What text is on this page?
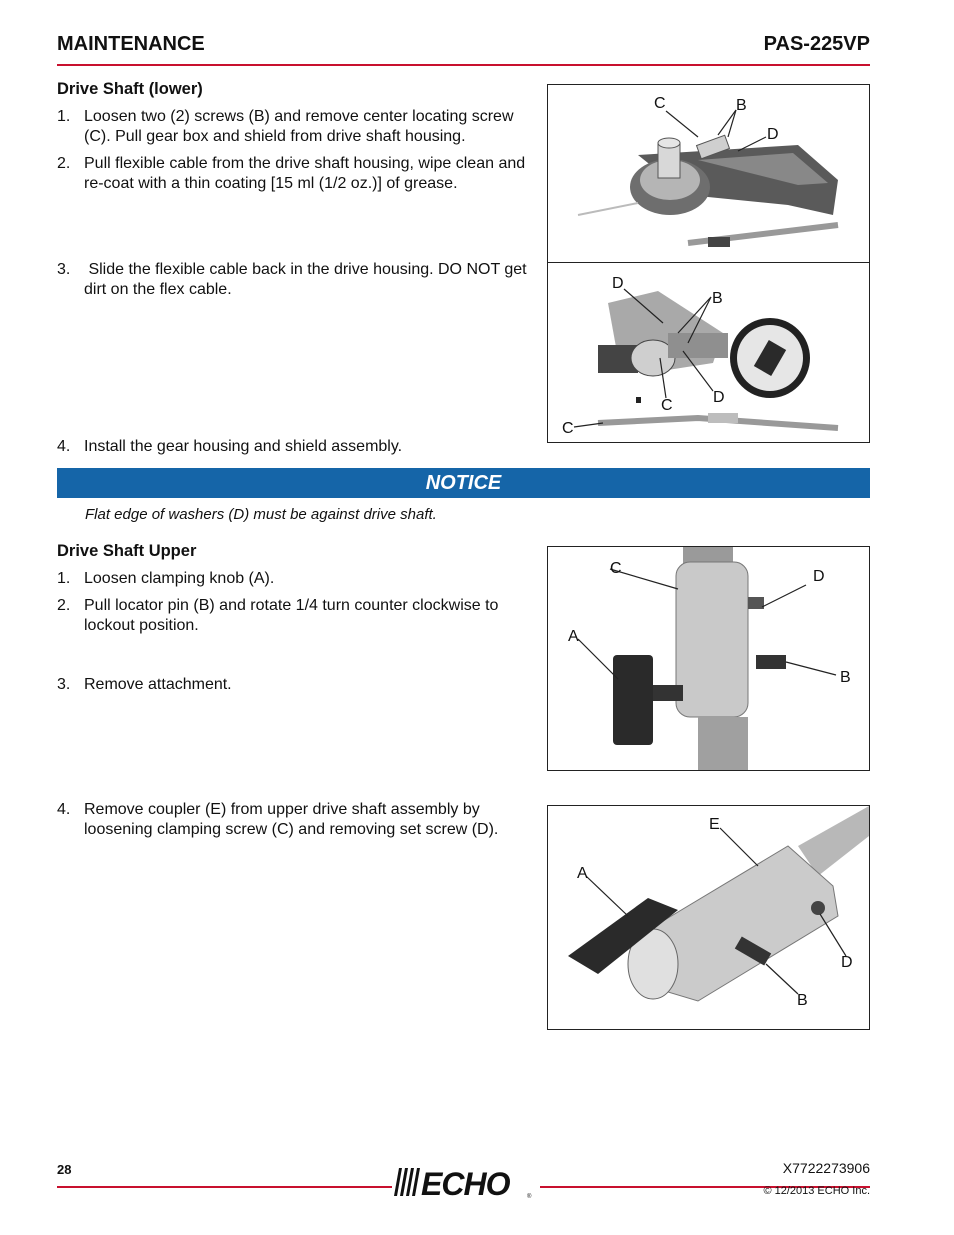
MAINTENANCE	PAS-225VP
Drive Shaft (lower)
1. Loosen two (2) screws (B) and remove center locating screw (C). Pull gear box and shield from drive shaft housing.
2. Pull flexible cable from the drive shaft housing, wipe clean and re-coat with a thin coating [15 ml (1/2 oz.)] of grease.
3. Slide the flexible cable back in the drive housing. DO NOT get dirt on the flex cable.
4. Install the gear housing and shield assembly.
C	B
D
D
B
C	D
C
NOTICE
Flat edge of washers (D) must be against drive shaft.
Drive Shaft Upper
1. Loosen clamping knob (A).
2. Pull locator pin (B) and rotate 1/4 turn counter clockwise to lockout position.
3. Remove attachment.
4. Remove coupler (E) from upper drive shaft assembly by loosening clamping screw (C) and removing set screw (D).
C	D
A
B
E
A
D
B
28	ECHO	®
X7722273906
© 12/2013 ECHO Inc.
